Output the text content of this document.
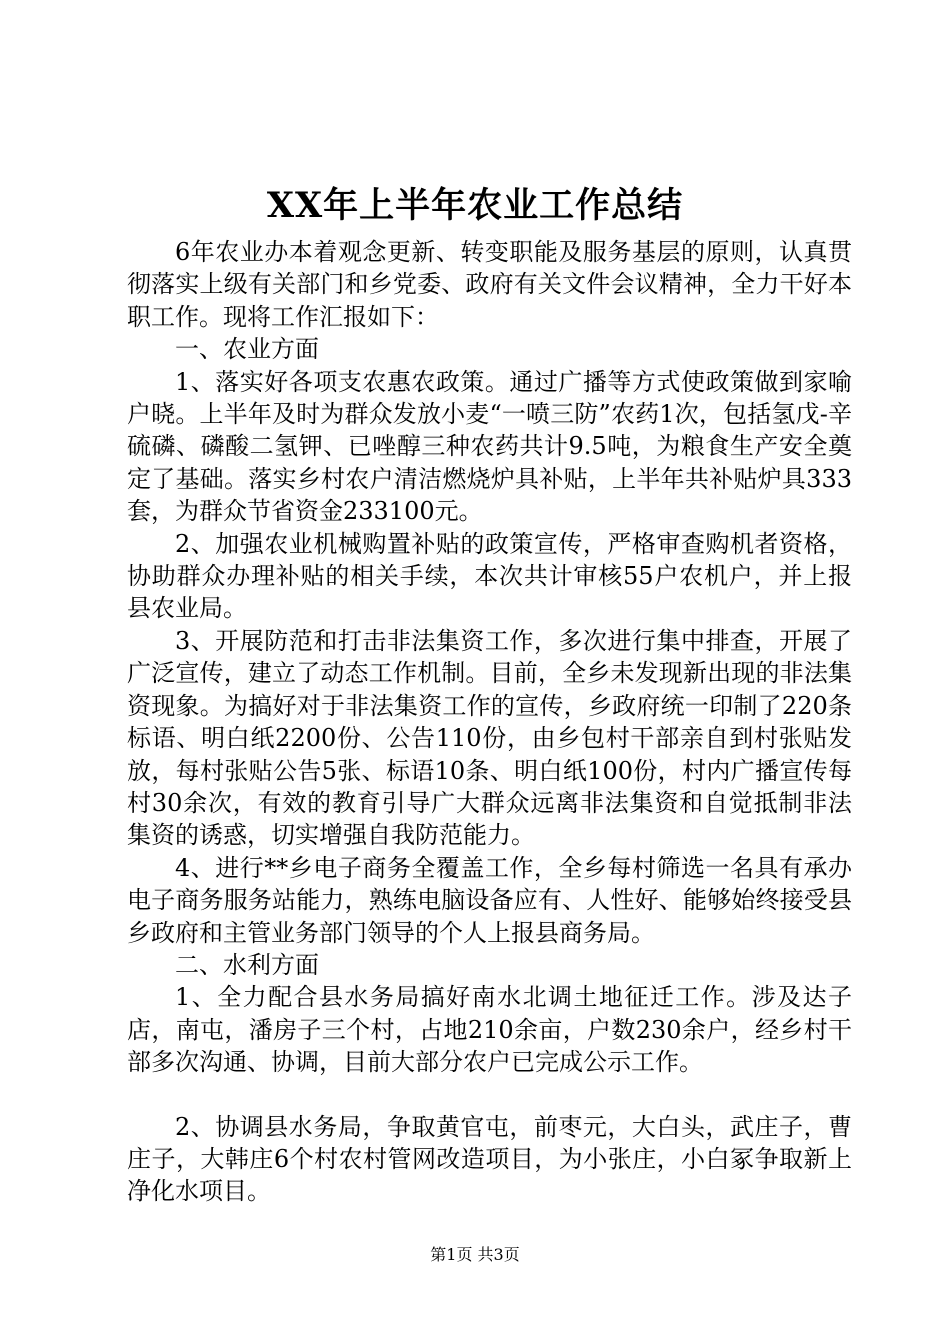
XX年上半年农业工作总结

6年农业办本着观念更新、转变职能及服务基层的原则，认真贯彻落实上级有关部门和乡党委、政府有关文件会议精神，全力干好本职工作。现将工作汇报如下：

一、农业方面

1、落实好各项支农惠农政策。通过广播等方式使政策做到家喻户晓。上半年及时为群众发放小麦“一喷三防”农药1次，包括氢戊-辛硫磷、磷酸二氢钾、已唑醇三种农药共计9.5吨，为粮食生产安全奠定了基础。落实乡村农户清洁燃烧炉具补贴，上半年共补贴炉具333套，为群众节省资金233100元。

2、加强农业机械购置补贴的政策宣传，严格审查购机者资格，协助群众办理补贴的相关手续，本次共计审核55户农机户，并上报县农业局。

3、开展防范和打击非法集资工作，多次进行集中排查，开展了广泛宣传，建立了动态工作机制。目前，全乡未发现新出现的非法集资现象。为搞好对于非法集资工作的宣传，乡政府统一印制了220条标语、明白纸2200份、公告110份，由乡包村干部亲自到村张贴发放，每村张贴公告5张、标语10条、明白纸100份，村内广播宣传每村30余次，有效的教育引导广大群众远离非法集资和自觉抵制非法集资的诱惑，切实增强自我防范能力。

4、进行**乡电子商务全覆盖工作，全乡每村筛选一名具有承办电子商务服务站能力，熟练电脑设备应有、人性好、能够始终接受县乡政府和主管业务部门领导的个人上报县商务局。

二、水利方面

1、全力配合县水务局搞好南水北调土地征迁工作。涉及达子店，南屯，潘房子三个村，占地210余亩，户数230余户，经乡村干部多次沟通、协调，目前大部分农户已完成公示工作。

2、协调县水务局，争取黄官屯，前枣元，大白头，武庄子，曹庄子，大韩庄6个村农村管网改造项目，为小张庄，小白冢争取新上净化水项目。

第1页 共3页
